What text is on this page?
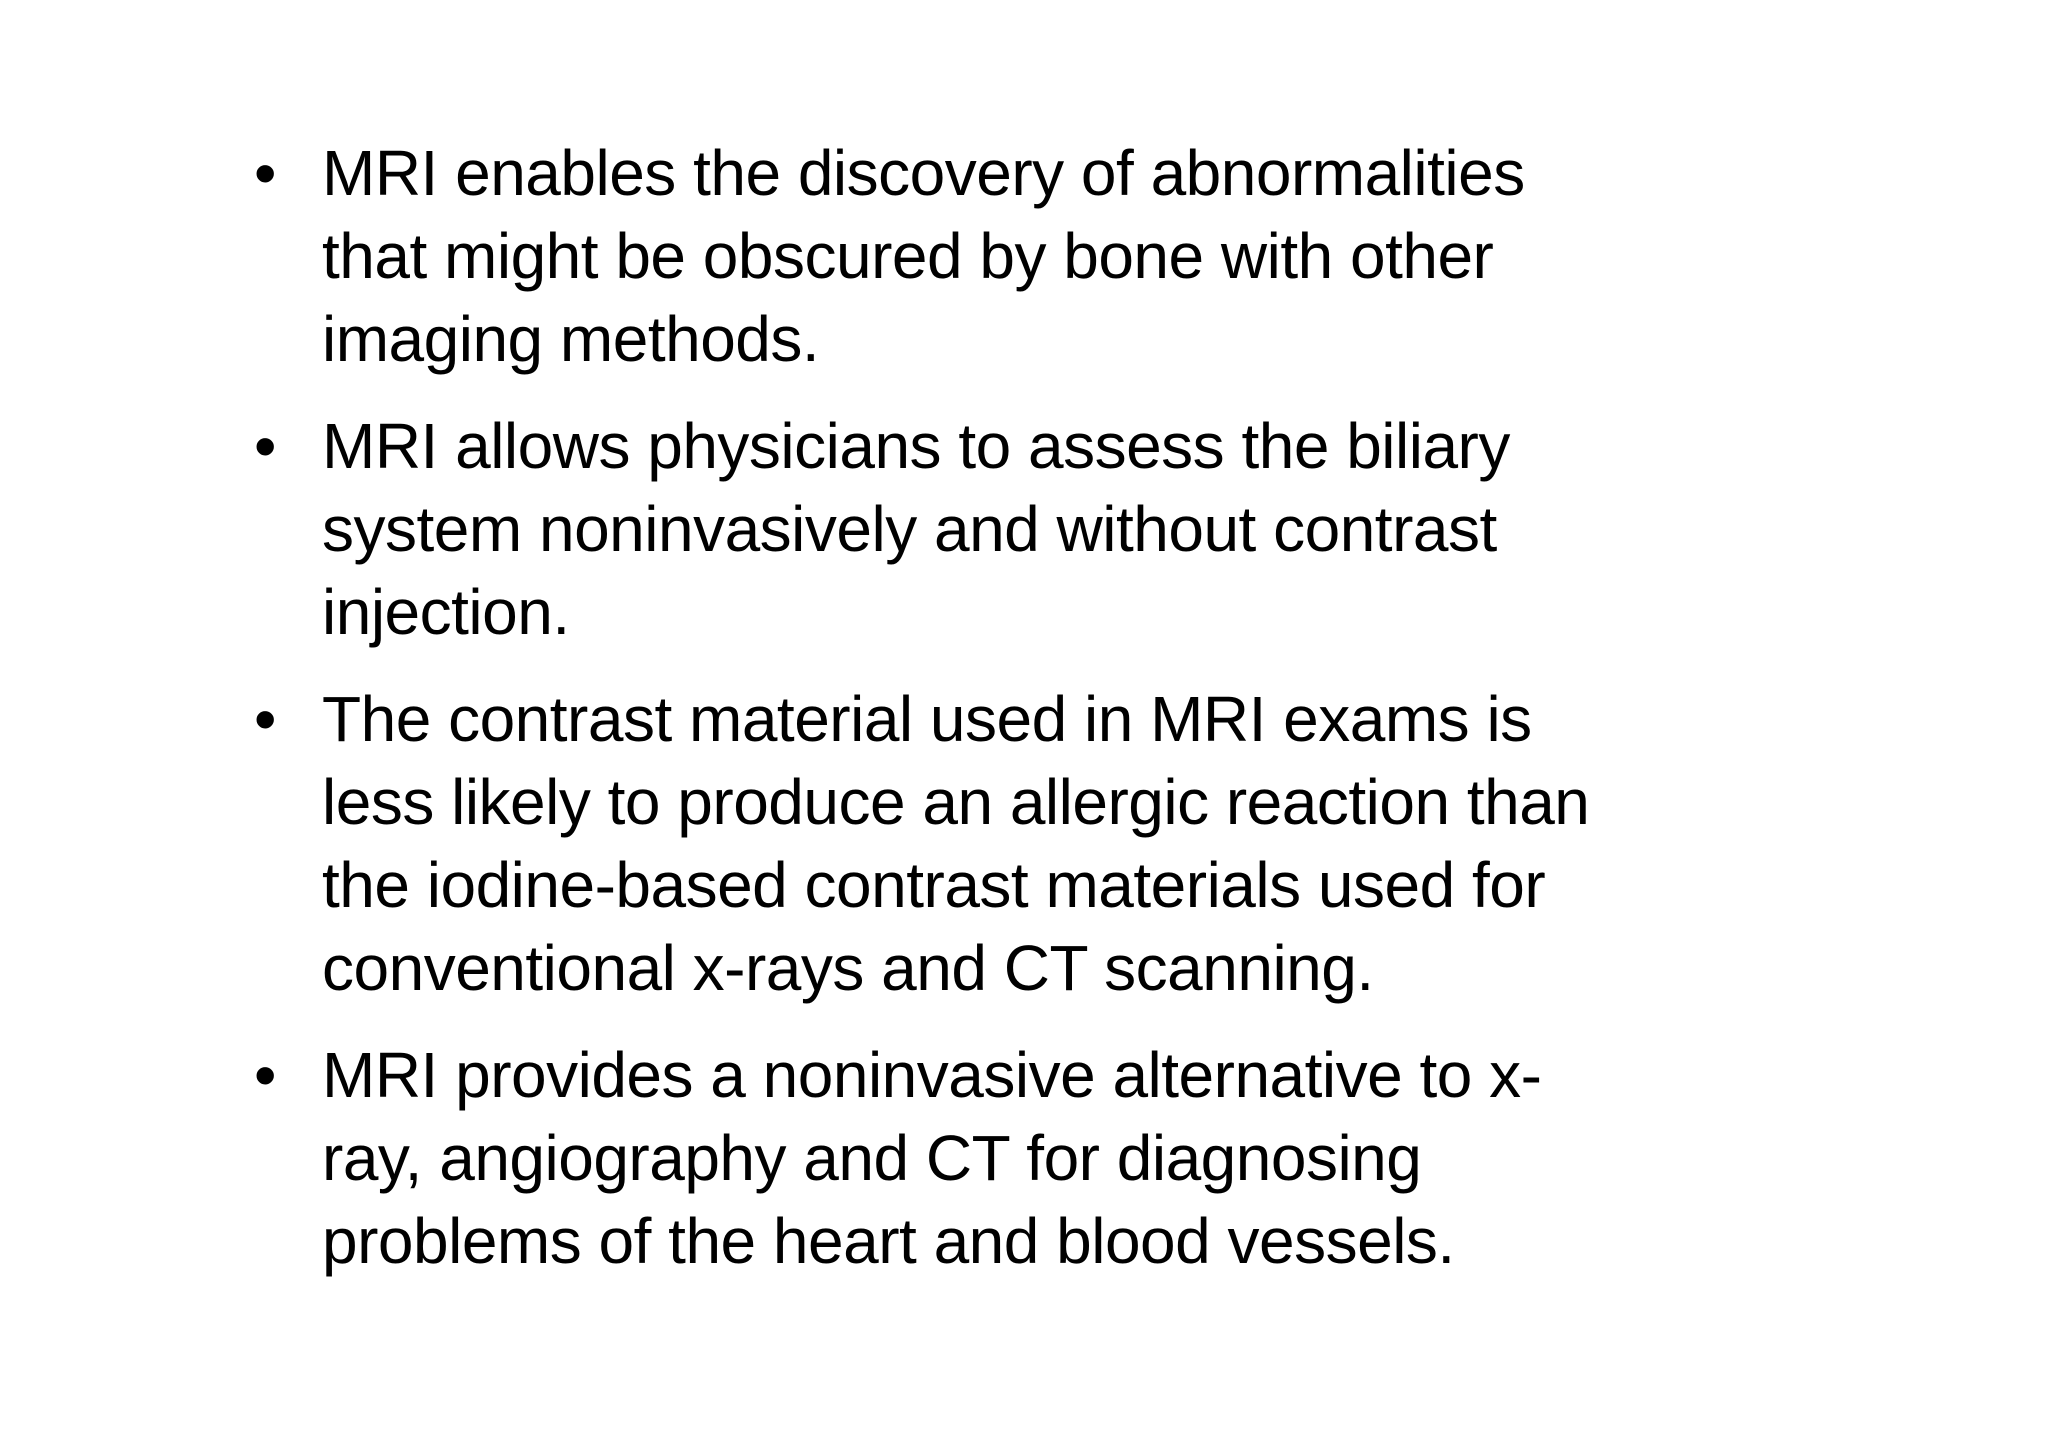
• MRI enables the discovery of abnormalities
that might be obscured by bone with other
imaging methods.
• MRI allows physicians to assess the biliary
system noninvasively and without contrast
injection.
• The contrast material used in MRI exams is
less likely to produce an allergic reaction than
the iodine-based contrast materials used for
conventional x-rays and CT scanning.
• MRI provides a noninvasive alternative to x-
ray, angiography and CT for diagnosing
problems of the heart and blood vessels.
